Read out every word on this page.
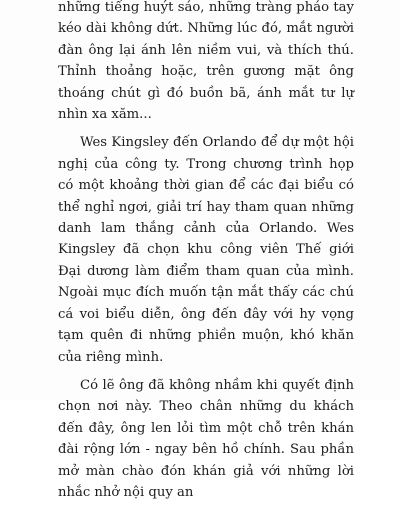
những tiếng huýt sáo, những tràng pháo tay kéo dài không dứt. Những lúc đó, mắt người đàn ông lại ánh lên niềm vui, và thích thú. Thỉnh thoảng hoặc, trên gương mặt ông thoáng chút gì đó buồn bã, ánh mắt tư lự nhìn xa xăm...

Wes Kingsley đến Orlando để dự một hội nghị của công ty. Trong chương trình họp có một khoảng thời gian để các đại biểu có thể nghỉ ngơi, giải trí hay tham quan những danh lam thắng cảnh của Orlando. Wes Kingsley đã chọn khu công viên Thế giới Đại dương làm điểm tham quan của mình. Ngoài mục đích muốn tận mắt thấy các chú cá voi biểu diễn, ông đến đây với hy vọng tạm quên đi những phiền muộn, khó khăn của riêng mình.

Có lẽ ông đã không nhầm khi quyết định chọn nơi này. Theo chân những du khách đến đây, ông len lỏi tìm một chỗ trên khán đài rộng lớn - ngay bên hồ chính. Sau phần mở màn chào đón khán giả với những lời nhắc nhở nội quy an
